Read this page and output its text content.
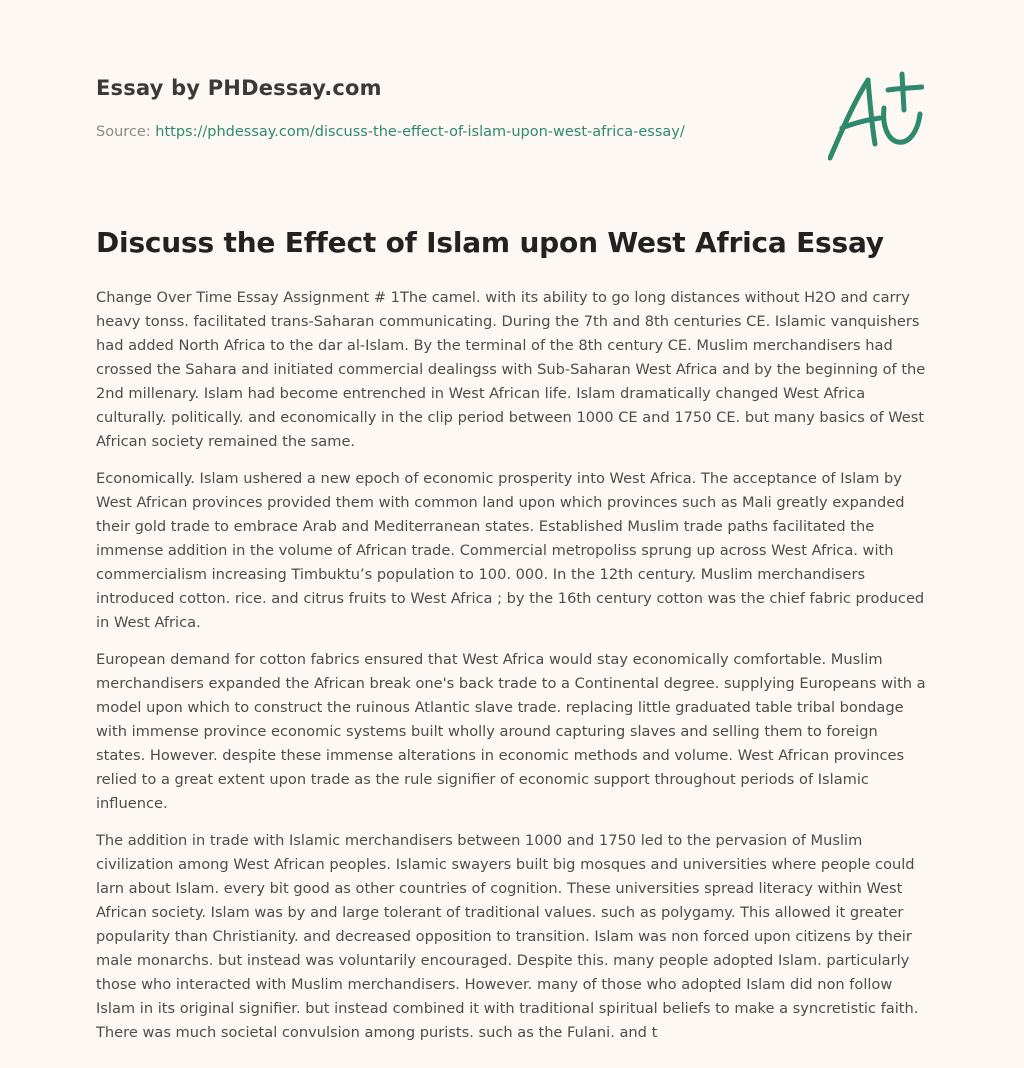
Essay by PHDessay.com
Source: https://phdessay.com/discuss-the-effect-of-islam-upon-west-africa-essay/
Discuss the Effect of Islam upon West Africa Essay

Change Over Time Essay Assignment # 1The camel. with its ability to go long distances without H2O and carry heavy tonss. facilitated trans-Saharan communicating. During the 7th and 8th centuries CE. Islamic vanquishers had added North Africa to the dar al-Islam. By the terminal of the 8th century CE. Muslim merchandisers had crossed the Sahara and initiated commercial dealingss with Sub-Saharan West Africa and by the beginning of the 2nd millenary. Islam had become entrenched in West African life. Islam dramatically changed West Africa culturally. politically. and economically in the clip period between 1000 CE and 1750 CE. but many basics of West African society remained the same.

Economically. Islam ushered a new epoch of economic prosperity into West Africa. The acceptance of Islam by West African provinces provided them with common land upon which provinces such as Mali greatly expanded their gold trade to embrace Arab and Mediterranean states. Established Muslim trade paths facilitated the immense addition in the volume of African trade. Commercial metropoliss sprung up across West Africa. with commercialism increasing Timbuktu’s population to 100. 000. In the 12th century. Muslim merchandisers introduced cotton. rice. and citrus fruits to West Africa ; by the 16th century cotton was the chief fabric produced in West Africa.

European demand for cotton fabrics ensured that West Africa would stay economically comfortable. Muslim merchandisers expanded the African break one's back trade to a Continental degree. supplying Europeans with a model upon which to construct the ruinous Atlantic slave trade. replacing little graduated table tribal bondage with immense province economic systems built wholly around capturing slaves and selling them to foreign states. However. despite these immense alterations in economic methods and volume. West African provinces relied to a great extent upon trade as the rule signifier of economic support throughout periods of Islamic influence.

The addition in trade with Islamic merchandisers between 1000 and 1750 led to the pervasion of Muslim civilization among West African peoples. Islamic swayers built big mosques and universities where people could larn about Islam. every bit good as other countries of cognition. These universities spread literacy within West African society. Islam was by and large tolerant of traditional values. such as polygamy. This allowed it greater popularity than Christianity. and decreased opposition to transition. Islam was non forced upon citizens by their male monarchs. but instead was voluntarily encouraged. Despite this. many people adopted Islam. particularly those who interacted with Muslim merchandisers. However. many of those who adopted Islam did non follow Islam in its original signifier. but instead combined it with traditional spiritual beliefs to make a syncretistic faith. There was much societal convulsion among purists. such as the Fulani. and t
